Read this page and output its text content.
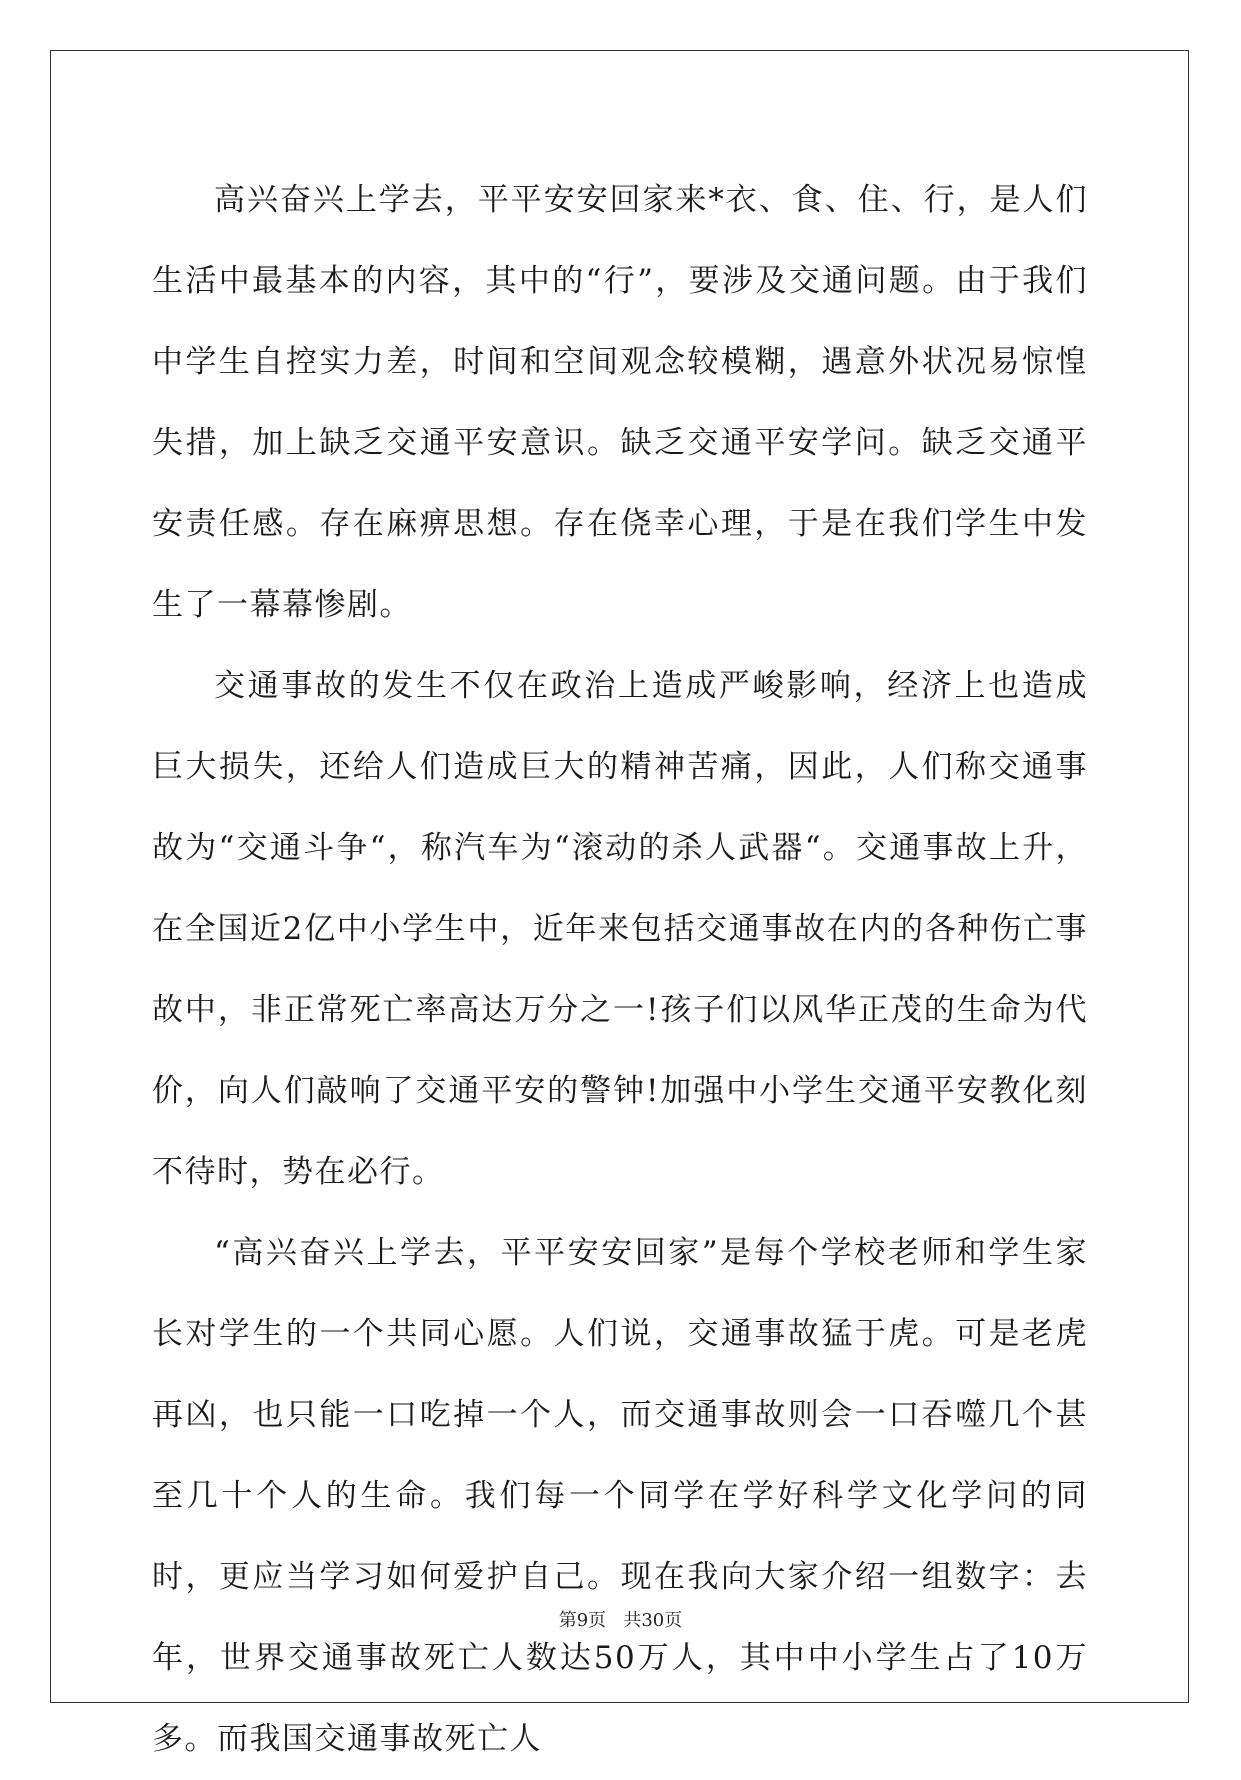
高兴奋兴上学去，平平安安回家来*衣、食、住、行，是人们生活中最基本的内容，其中的“行”，要涉及交通问题。由于我们中学生自控实力差，时间和空间观念较模糊，遇意外状况易惊惶失措，加上缺乏交通平安意识。缺乏交通平安学问。缺乏交通平安责任感。存在麻痹思想。存在侥幸心理，于是在我们学生中发生了一幕幕惨剧。

交通事故的发生不仅在政治上造成严峻影响，经济上也造成巨大损失，还给人们造成巨大的精神苦痛，因此，人们称交通事故为“交通斗争“，称汽车为“滚动的杀人武器“。交通事故上升，在全国近2亿中小学生中，近年来包括交通事故在内的各种伤亡事故中，非正常死亡率高达万分之一!孩子们以风华正茂的生命为代价，向人们敲响了交通平安的警钟!加强中小学生交通平安教化刻不待时，势在必行。

“高兴奋兴上学去，平平安安回家”是每个学校老师和学生家长对学生的一个共同心愿。人们说，交通事故猛于虎。可是老虎再凶，也只能一口吃掉一个人，而交通事故则会一口吞噬几个甚至几十个人的生命。我们每一个同学在学好科学文化学问的同时，更应当学习如何爱护自己。现在我向大家介绍一组数字：去年，世界交通事故死亡人数达50万人，其中中小学生占了10万多。而我国交通事故死亡人

第9页 共30页
